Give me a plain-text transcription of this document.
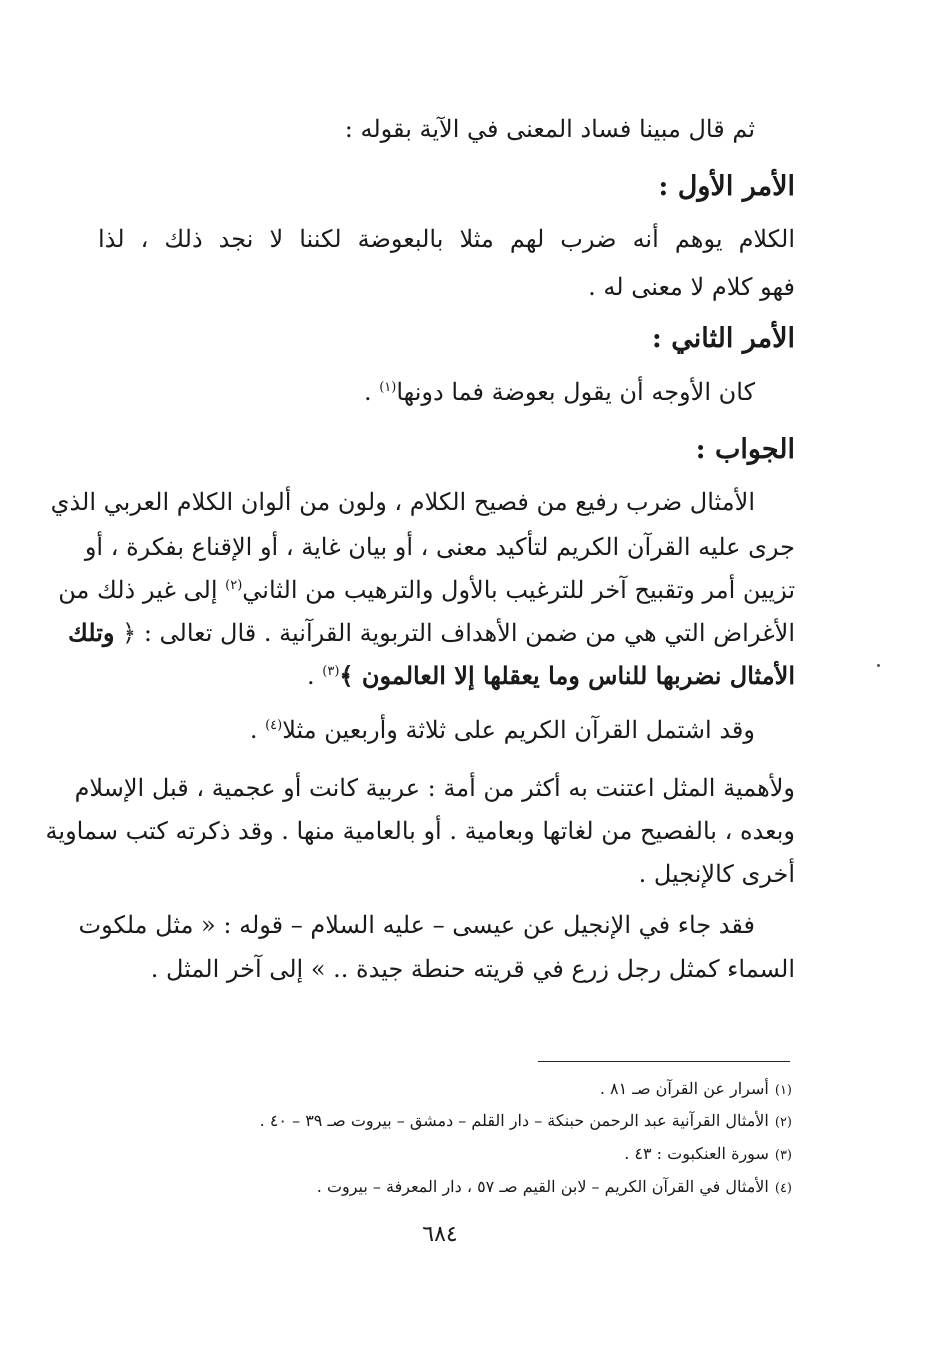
ثم قال مبينا فساد المعنى في الآية بقوله :
الأمر الأول :
الكلام يوهم أنه ضرب لهم مثلا بالبعوضة لكننا لا نجد ذلك ، لذا
فهو كلام لا معنى له .
الأمر الثاني :
كان الأوجه أن يقول بعوضة فما دونها$^{(١)}$ .
الجواب :
الأمثال ضرب رفيع من فصيح الكلام ، ولون من ألوان الكلام العربي الذي
جرى عليه القرآن الكريم لتأكيد معنى ، أو بيان غاية ، أو الإقناع بفكرة ، أو
تزيين أمر وتقبيح آخر للترغيب بالأول والترهيب من الثاني$^{(٢)}$ إلى غير ذلك من
الأغراض التي هي من ضمن الأهداف التربوية القرآنية . قال تعالى : ﴿ وتلك
الأمثال نضربها للناس وما يعقلها إلا العالمون ﴾$^{(٣)}$ .
وقد اشتمل القرآن الكريم على ثلاثة وأربعين مثلا$^{(٤)}$ .
ولأهمية المثل اعتنت به أكثر من أمة : عربية كانت أو عجمية ، قبل الإسلام
وبعده ، بالفصيح من لغاتها وبعامية . أو بالعامية منها . وقد ذكرته كتب سماوية
أخرى كالإنجيل .
فقد جاء في الإنجيل عن عيسى – عليه السلام – قوله : « مثل ملكوت
السماء كمثل رجل زرع في قريته حنطة جيدة .. » إلى آخر المثل .
(١)أسرار عن القرآن صـ ٨١ .
(٢)الأمثال القرآنية عبد الرحمن حبنكة – دار القلم – دمشق – بيروت صـ ٣٩ – ٤٠ .
(٣)سورة العنكبوت : ٤٣ .
(٤)الأمثال في القرآن الكريم – لابن القيم صـ ٥٧ ، دار المعرفة – بيروت .
٦٨٤
